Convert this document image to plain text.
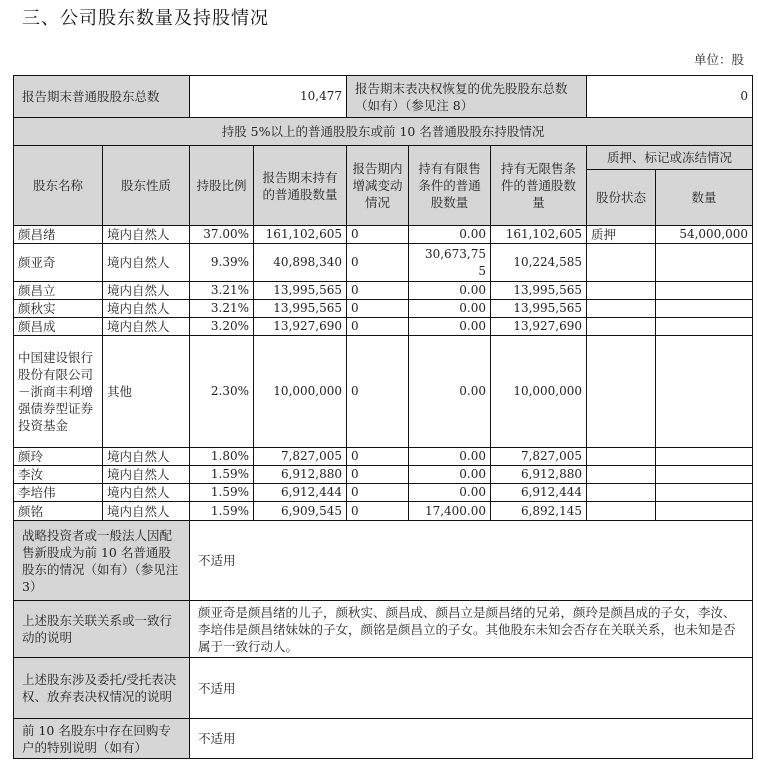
三、公司股东数量及持股情况
单位：股
报告期末普通股股东总数		10,477		报告期末表决权恢复的优先股股东总数（如有）（参见注 8）			0	
持股 5%以上的普通股股东或前 10 名普通股股东持股情况								
股东名称	股东性质	持股比例	报告期末持有的普通股数量	报告期内增减变动情况	持有有限售条件的普通股数量	持有无限售条件的普通股数量	质押、标记或冻结情况	
							股份状态	数量
颜昌绪	境内自然人	37.00%	161,102,605	0	0.00	161,102,605	质押	54,000,000
颜亚奇	境内自然人	9.39%	40,898,340	0	30,673,755	10,224,585		
颜昌立	境内自然人	3.21%	13,995,565	0	0.00	13,995,565		
颜秋实	境内自然人	3.21%	13,995,565	0	0.00	13,995,565		
颜昌成	境内自然人	3.20%	13,927,690	0	0.00	13,927,690		
中国建设银行股份有限公司－浙商丰利增强债券型证券投资基金	其他	2.30%	10,000,000	0	0.00	10,000,000		
颜玲	境内自然人	1.80%	7,827,005	0	0.00	7,827,005		
李汝	境内自然人	1.59%	6,912,880	0	0.00	6,912,880		
李培伟	境内自然人	1.59%	6,912,444	0	0.00	6,912,444		
颜铭	境内自然人	1.59%	6,909,545	0	17,400.00	6,892,145		
战略投资者或一般法人因配售新股成为前 10 名普通股股东的情况（如有）（参见注 3）		不适用						
上述股东关联关系或一致行动的说明		颜亚奇是颜昌绪的儿子，颜秋实、颜昌成、颜昌立是颜昌绪的兄弟，颜玲是颜昌成的子女，李汝、李培伟是颜昌绪妹妹的子女，颜铭是颜昌立的子女。其他股东未知会否存在关联关系，也未知是否属于一致行动人。						
上述股东涉及委托/受托表决权、放弃表决权情况的说明		不适用						
前 10 名股东中存在回购专户的特别说明（如有）		不适用						
